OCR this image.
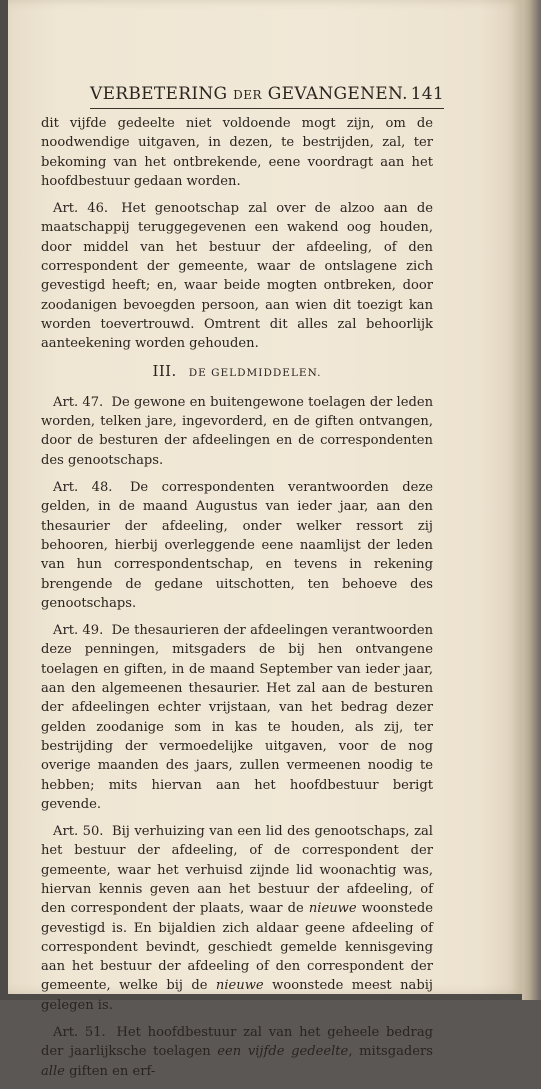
VERBETERING DER GEVANGENEN. 141

dit vijfde gedeelte niet voldoende mogt zijn, om de noodwendige uitgaven, in dezen, te bestrijden, zal, ter bekoming van het ontbrekende, eene voordragt aan het hoofdbestuur gedaan worden.

Art. 46. Het genootschap zal over de alzoo aan de maatschappij teruggegevenen een wakend oog houden, door middel van het bestuur der afdeeling, of den correspondent der gemeente, waar de ontslagene zich gevestigd heeft; en, waar beide mogten ontbreken, door zoodanigen bevoegden persoon, aan wien dit toezigt kan worden toevertrouwd. Omtrent dit alles zal behoorlijk aanteekening worden gehouden.

III. DE GELDMIDDELEN.

Art. 47. De gewone en buitengewone toelagen der leden worden, telken jare, ingevorderd, en de giften ontvangen, door de besturen der afdeelingen en de correspondenten des genootschaps.

Art. 48. De correspondenten verantwoorden deze gelden, in de maand Augustus van ieder jaar, aan den thesaurier der afdeeling, onder welker ressort zij behooren, hierbij overleggende eene naamlijst der leden van hun correspondentschap, en tevens in rekening brengende de gedane uitschotten, ten behoeve des genootschaps.

Art. 49. De thesaurieren der afdeelingen verantwoorden deze penningen, mitsgaders de bij hen ontvangene toelagen en giften, in de maand September van ieder jaar, aan den algemeenen thesaurier. Het zal aan de besturen der afdeelingen echter vrijstaan, van het bedrag dezer gelden zoodanige som in kas te houden, als zij, ter bestrijding der vermoedelijke uitgaven, voor de nog overige maanden des jaars, zullen vermeenen noodig te hebben; mits hiervan aan het hoofdbestuur berigt gevende.

Art. 50. Bij verhuizing van een lid des genootschaps, zal het bestuur der afdeeling, of de correspondent der gemeente, waar het verhuisd zijnde lid woonachtig was, hiervan kennis geven aan het bestuur der afdeeling, of den correspondent der plaats, waar de nieuwe woonstede gevestigd is. En bijaldien zich aldaar geene afdeeling of correspondent bevindt, geschiedt gemelde kennisgeving aan het bestuur der afdeeling of den correspondent der gemeente, welke bij de nieuwe woonstede meest nabij gelegen is.

Art. 51. Het hoofdbestuur zal van het geheele bedrag der jaarlijksche toelagen een vijfde gedeelte, mitsgaders alle giften en erf-
